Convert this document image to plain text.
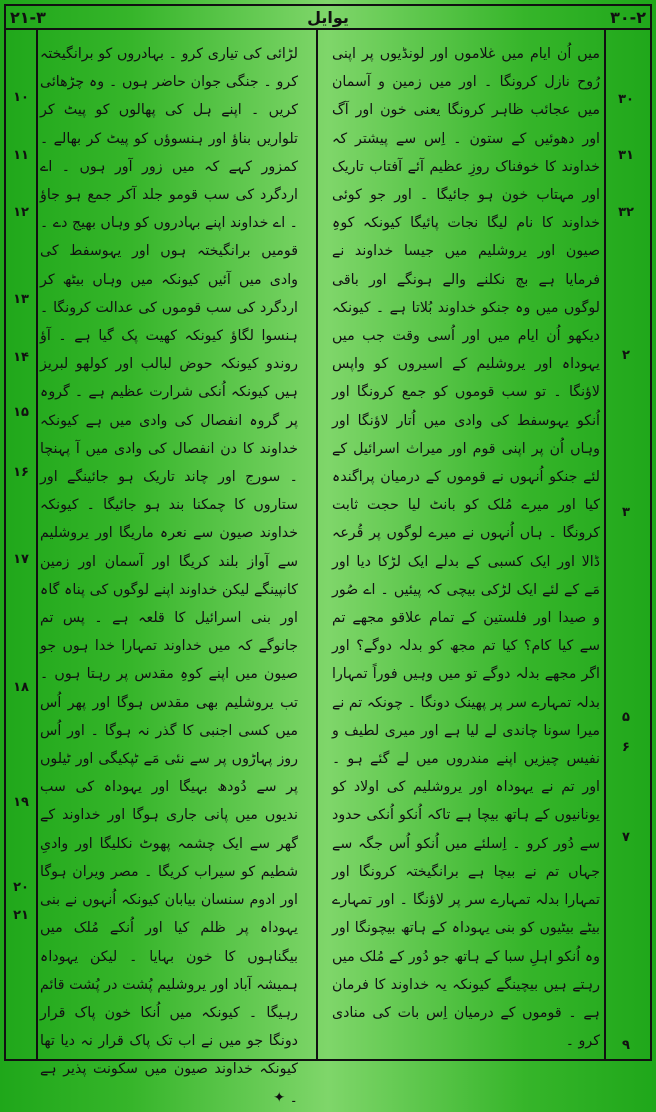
۲۱-۳	یوایل	۳۰-۲

میں اُن ایام میں غلاموں اور لونڈیوں پر اپنی رُوح نازل کرونگا ۔ اور میں زمین و آسمان میں عجائب ظاہر کرونگا یعنی خون اور آگ اور دھوئیں کے ستون ۔ اِس سے پیشتر کہ خداوند کا خوفناک روزِ عظیم آئے آفتاب تاریک اور مہتاب خون ہو جائیگا ۔ اور جو کوئی خداوند کا نام لیگا نجات پائیگا کیونکہ کوہِ صیون اور یروشلیم میں جیسا خداوند نے فرمایا ہے بچ نکلنے والے ہونگے اور باقی لوگوں میں وہ جنکو خداوند بُلاتا ہے ۔ کیونکہ دیکھو اُن ایام میں اور اُسی وقت جب میں یہوداہ اور یروشلیم کے اسیروں کو واپس لاؤنگا ۔ تو سب قوموں کو جمع کرونگا اور اُنکو یہوسفط کی وادی میں اُتار لاؤنگا اور وہاں اُن پر اپنی قوم اور میراث اسرائیل کے لئے جنکو اُنہوں نے قوموں کے درمیان پراگندہ کیا اور میرے مُلک کو بانٹ لیا حجت ثابت کرونگا ۔ ہاں اُنہوں نے میرے لوگوں پر قُرعہ ڈالا اور ایک کسبی کے بدلے ایک لڑکا دیا اور مَے کے لئے ایک لڑکی بیچی کہ پیئیں ۔ اے صُور و صیدا اور فلستین کے تمام علاقو مجھے تم سے کیا کام؟ کیا تم مجھ کو بدلہ دوگے؟ اور اگر مجھے بدلہ دوگے تو میں وہیں فوراً تمہارا بدلہ تمہارے سر پر پھینک دونگا ۔ چونکہ تم نے میرا سونا چاندی لے لیا ہے اور میری لطیف و نفیس چیزیں اپنے مندروں میں لے گئے ہو ۔ اور تم نے یہوداہ اور یروشلیم کی اولاد کو یونانیوں کے ہاتھ بیچا ہے تاکہ اُنکو اُنکی حدود سے دُور کرو ۔ اِسلئے میں اُنکو اُس جگہ سے جہاں تم نے بیچا ہے برانگیختہ کرونگا اور تمہارا بدلہ تمہارے سر پر لاؤنگا ۔ اور تمہارے بیٹے بیٹیوں کو بنی یہوداہ کے ہاتھ بیچونگا اور وہ اُنکو اہلِ سبا کے ہاتھ جو دُور کے مُلک میں رہتے ہیں بیچینگے کیونکہ یہ خداوند کا فرمان ہے ۔ قوموں کے درمیان اِس بات کی منادی کرو ۔

لڑائی کی تیاری کرو ۔ بہادروں کو برانگیختہ کرو ۔ جنگی جوان حاضر ہوں ۔ وہ چڑھائی کریں ۔ اپنے ہل کی پھالوں کو پیٹ کر تلواریں بناؤ اور ہنسوؤں کو پیٹ کر بھالے ۔ کمزور کہے کہ میں زور آور ہوں ۔ اے اردگرد کی سب قومو جلد آکر جمع ہو جاؤ ۔ اے خداوند اپنے بہادروں کو وہاں بھیج دے ۔ قومیں برانگیختہ ہوں اور یہوسفط کی وادی میں آئیں کیونکہ میں وہاں بیٹھ کر اردگرد کی سب قوموں کی عدالت کرونگا ۔ ہنسوا لگاؤ کیونکہ کھیت پک گیا ہے ۔ آؤ روندو کیونکہ حوض لبالب اور کولھو لبریز ہیں کیونکہ اُنکی شرارت عظیم ہے ۔ گروہ پر گروہ انفصال کی وادی میں ہے کیونکہ خداوند کا دن انفصال کی وادی میں آ پہنچا ۔ سورج اور چاند تاریک ہو جائینگے اور ستاروں کا چمکنا بند ہو جائیگا ۔ کیونکہ خداوند صیون سے نعرہ ماریگا اور یروشلیم سے آواز بلند کریگا اور آسمان اور زمین کانپینگے لیکن خداوند اپنے لوگوں کی پناہ گاہ اور بنی اسرائیل کا قلعہ ہے ۔ پس تم جانوگے کہ میں خداوند تمہارا خدا ہوں جو صیون میں اپنے کوہِ مقدس پر رہتا ہوں ۔ تب یروشلیم بھی مقدس ہوگا اور پھر اُس میں کسی اجنبی کا گذر نہ ہوگا ۔ اور اُس روز پہاڑوں پر سے نئی مَے ٹپکیگی اور ٹیلوں پر سے دُودھ بہیگا اور یہوداہ کی سب ندیوں میں پانی جاری ہوگا اور خداوند کے گھر سے ایک چشمہ پھوٹ نکلیگا اور وادیِ شطیم کو سیراب کریگا ۔ مصر ویران ہوگا اور ادوم سنسان بیابان کیونکہ اُنہوں نے بنی یہوداہ پر ظلم کیا اور اُنکے مُلک میں بیگناہوں کا خون بہایا ۔ لیکن یہوداہ ہمیشہ آباد اور یروشلیم پُشت در پُشت قائم رہیگا ۔ کیونکہ میں اُنکا خون پاک قرار دونگا جو میں نے اب تک پاک قرار نہ دیا تھا کیونکہ خداوند صیون میں سکونت پذیر ہے ۔ ✦

۳۰
۳۱
۳۲
۲
۳
۵
۶
۷
۹
۱۰
۱۱
۱۲
۱۳
۱۴
۱۵
۱۶
۱۷
۱۸
۱۹
۲۰
۲۱
